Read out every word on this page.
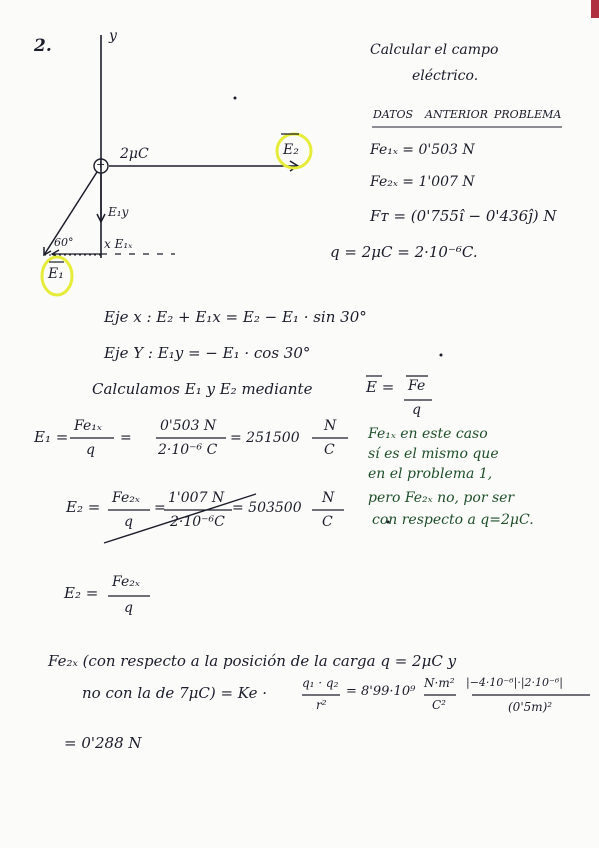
2.	Calcular el campo
eléctrico.
DATOS ANTERIOR PROBLEMA
Fe₁ₓ = 0'503 N
Fe₂ₓ = 1'007 N
Fᴛ = (0'755î − 0'436ĵ) N
q = 2μC = 2·10⁻⁶C.
y
2μC
+
E₂
E₁y
x E₁ₓ
60°
E₁
Eje x : E₂ + E₁x = E₂ − E₁ · sin 30°
Eje Y : E₁y = − E₁ · cos 30°
Calculamos E₁ y E₂ mediante	E = Fe
q
E₁ =
Fe₁ₓ
q
=
0'503 N
2·10⁻⁶ C
= 251500
N
C
Fe₁ₓ en este caso
sí es el mismo que
en el problema 1,
pero Fe₂ₓ no, por ser
con respecto a q=2μC.
E₂ = Fe₂ₓ
q
=
1'007 N
2·10⁻⁶C
= 503500
N
C
E₂ =
Fe₂ₓ
q
Fe₂ₓ (con respecto a la posición de la carga q = 2μC y
no con la de 7μC) = Ke ·
q₁ · q₂
r²
= 8'99·10⁹
N·m²
C²
|−4·10⁻⁶|·|2·10⁻⁶|
(0'5m)²
= 0'288 N
